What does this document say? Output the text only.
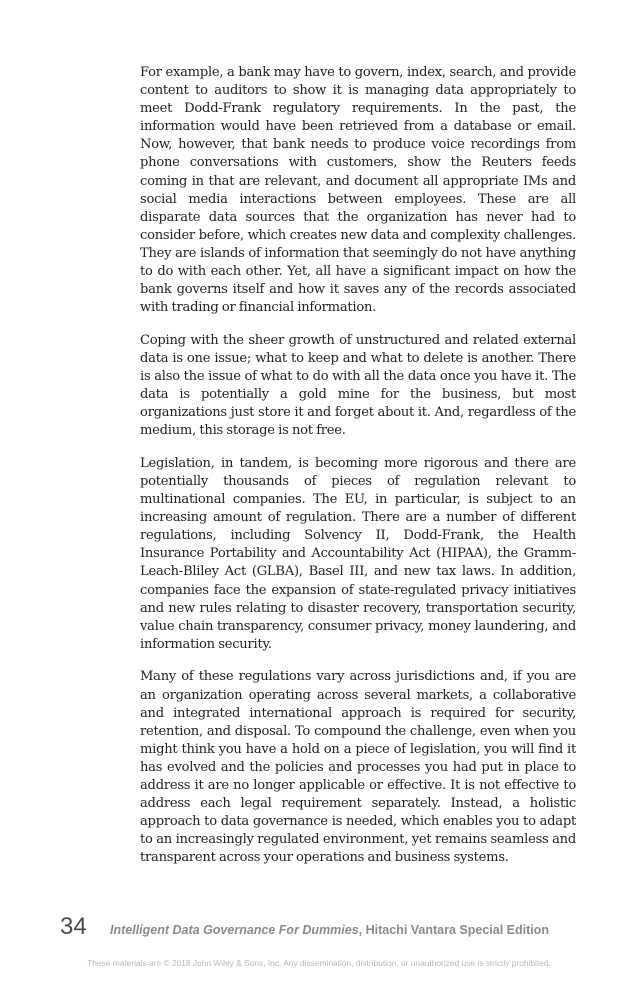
For example, a bank may have to govern, index, search, and provide content to auditors to show it is managing data appropriately to meet Dodd-Frank regulatory requirements. In the past, the information would have been retrieved from a database or email. Now, however, that bank needs to produce voice recordings from phone conversations with customers, show the Reuters feeds coming in that are relevant, and document all appropriate IMs and social media interactions between employees. These are all disparate data sources that the organization has never had to consider before, which creates new data and complexity challenges. They are islands of information that seemingly do not have anything to do with each other. Yet, all have a significant impact on how the bank governs itself and how it saves any of the records associated with trading or financial information.

Coping with the sheer growth of unstructured and related external data is one issue; what to keep and what to delete is another. There is also the issue of what to do with all the data once you have it. The data is potentially a gold mine for the business, but most organizations just store it and forget about it. And, regardless of the medium, this storage is not free.

Legislation, in tandem, is becoming more rigorous and there are potentially thousands of pieces of regulation relevant to multinational companies. The EU, in particular, is subject to an increasing amount of regulation. There are a number of different regulations, including Solvency II, Dodd-Frank, the Health Insurance Portability and Accountability Act (HIPAA), the Gramm-Leach-Bliley Act (GLBA), Basel III, and new tax laws. In addition, companies face the expansion of state-regulated privacy initiatives and new rules relating to disaster recovery, transportation security, value chain transparency, consumer privacy, money laundering, and information security.

Many of these regulations vary across jurisdictions and, if you are an organization operating across several markets, a collaborative and integrated international approach is required for security, retention, and disposal. To compound the challenge, even when you might think you have a hold on a piece of legislation, you will find it has evolved and the policies and processes you had put in place to address it are no longer applicable or effective. It is not effective to address each legal requirement separately. Instead, a holistic approach to data governance is needed, which enables you to adapt to an increasingly regulated environment, yet remains seamless and transparent across your operations and business systems.

34	Intelligent Data Governance For Dummies, Hitachi Vantara Special Edition
These materials are © 2018 John Wiley & Sons, Inc. Any dissemination, distribution, or unauthorized use is strictly prohibited.
